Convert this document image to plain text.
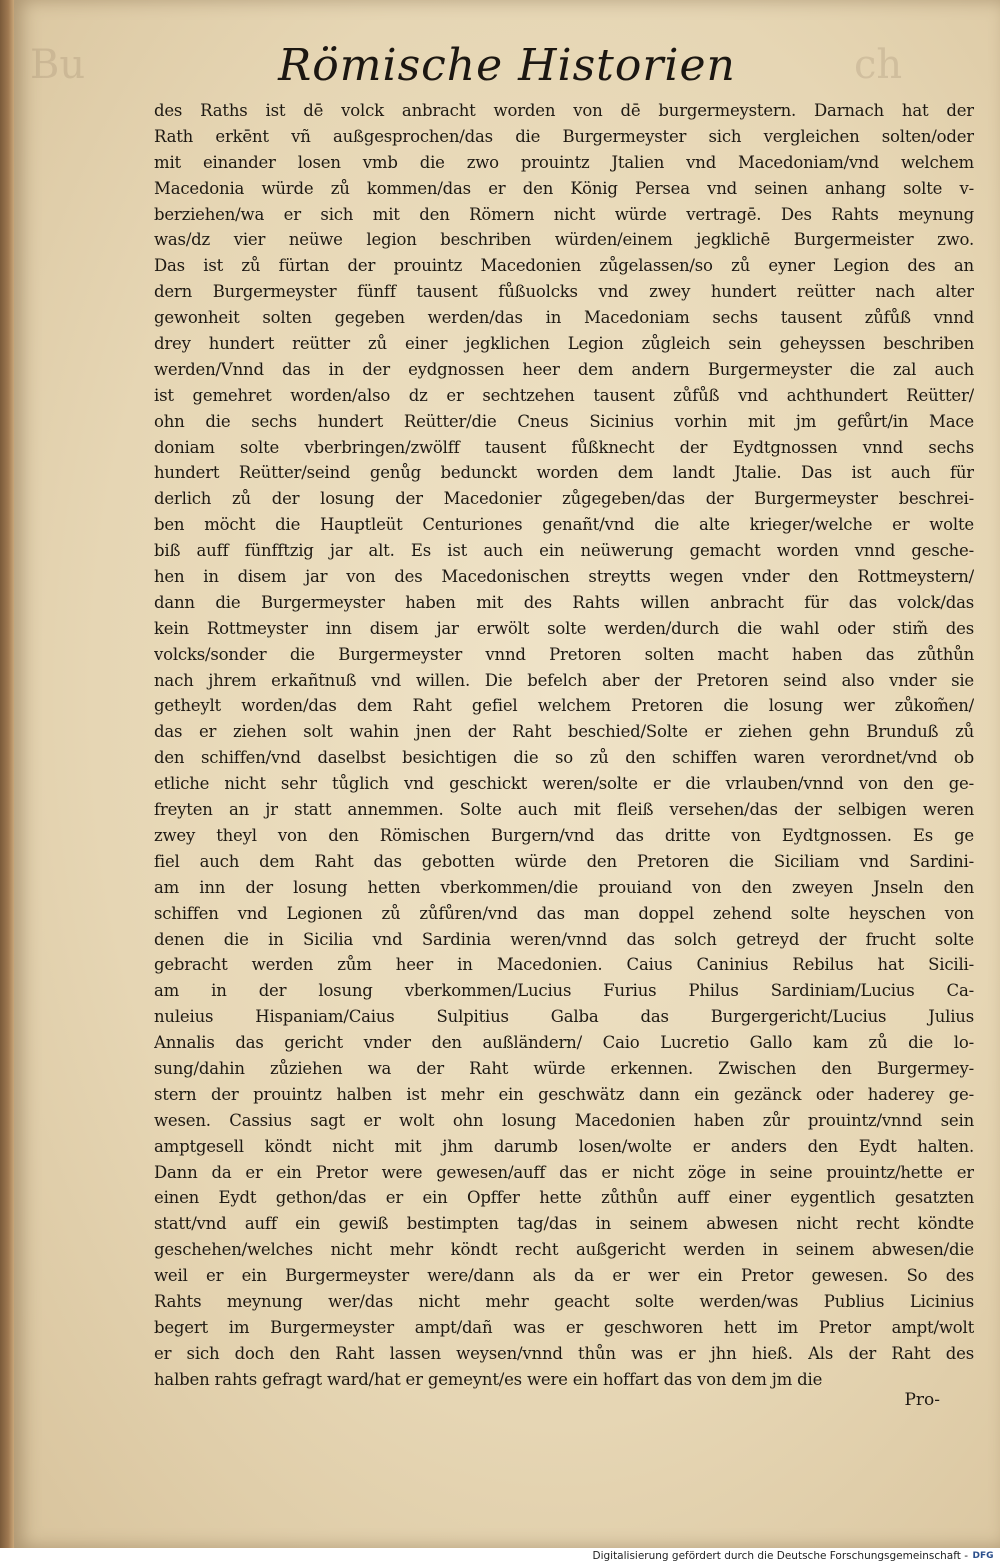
Bu	ch
Römische Historien
des Raths ist dē volck anbracht worden von dē burgermeystern. Darnach hat der
Rath erkēnt vñ außgesprochen/das die Burgermeyster sich vergleichen solten/oder
mit einander losen vmb die zwo prouintz Jtalien vnd Macedoniam/vnd welchem
Macedonia würde zů kommen/das er den König Persea vnd seinen anhang solte v-
berziehen/wa er sich mit den Römern nicht würde vertragē. Des Rahts meynung
was/dz vier neüwe legion beschriben würden/einem jegklichē Burgermeister zwo.
Das ist zů fürtan der prouintz Macedonien zůgelassen/so zů eyner Legion des an
dern Burgermeyster fünff tausent fůßuolcks vnd zwey hundert reütter nach alter
gewonheit solten gegeben werden/das in Macedoniam sechs tausent zůfůß vnnd
drey hundert reütter zů einer jegklichen Legion zůgleich sein geheyssen beschriben
werden/Vnnd das in der eydgnossen heer dem andern Burgermeyster die zal auch
ist gemehret worden/also dz er sechtzehen tausent zůfůß vnd achthundert Reütter/
ohn die sechs hundert Reütter/die Cneus Sicinius vorhin mit jm gefůrt/in Mace
doniam solte vberbringen/zwölff tausent fůßknecht der Eydtgnossen vnnd sechs
hundert Reütter/seind genůg bedunckt worden dem landt Jtalie. Das ist auch für
derlich zů der losung der Macedonier zůgegeben/das der Burgermeyster beschrei-
ben möcht die Hauptleüt Centuriones genañt/vnd die alte krieger/welche er wolte
biß auff fünfftzig jar alt. Es ist auch ein neüwerung gemacht worden vnnd gesche-
hen in disem jar von des Macedonischen streytts wegen vnder den Rottmeystern/
dann die Burgermeyster haben mit des Rahts willen anbracht für das volck/das
kein Rottmeyster inn disem jar erwölt solte werden/durch die wahl oder stim̃ des
volcks/sonder die Burgermeyster vnnd Pretoren solten macht haben das zůthůn
nach jhrem erkañtnuß vnd willen. Die befelch aber der Pretoren seind also vnder sie
getheylt worden/das dem Raht gefiel welchem Pretoren die losung wer zůkom̃en/
das er ziehen solt wahin jnen der Raht beschied/Solte er ziehen gehn Brunduß zů
den schiffen/vnd daselbst besichtigen die so zů den schiffen waren verordnet/vnd ob
etliche nicht sehr tůglich vnd geschickt weren/solte er die vrlauben/vnnd von den ge-
freyten an jr statt annemmen. Solte auch mit fleiß versehen/das der selbigen weren
zwey theyl von den Römischen Burgern/vnd das dritte von Eydtgnossen. Es ge
fiel auch dem Raht das gebotten würde den Pretoren die Siciliam vnd Sardini-
am inn der losung hetten vberkommen/die prouiand von den zweyen Jnseln den
schiffen vnd Legionen zů zůfůren/vnd das man doppel zehend solte heyschen von
denen die in Sicilia vnd Sardinia weren/vnnd das solch getreyd der frucht solte
gebracht werden zům heer in Macedonien. Caius Caninius Rebilus hat Sicili-
am in der losung vberkommen/Lucius Furius Philus Sardiniam/Lucius Ca-
nuleius Hispaniam/Caius Sulpitius Galba das Burgergericht/Lucius Julius
Annalis das gericht vnder den außländern/ Caio Lucretio Gallo kam zů die lo-
sung/dahin zůziehen wa der Raht würde erkennen. Zwischen den Burgermey-
stern der prouintz halben ist mehr ein geschwätz dann ein gezänck oder haderey ge-
wesen. Cassius sagt er wolt ohn losung Macedonien haben zůr prouintz/vnnd sein
amptgesell köndt nicht mit jhm darumb losen/wolte er anders den Eydt halten.
Dann da er ein Pretor were gewesen/auff das er nicht zöge in seine prouintz/hette er
einen Eydt gethon/das er ein Opffer hette zůthůn auff einer eygentlich gesatzten
statt/vnd auff ein gewiß bestimpten tag/das in seinem abwesen nicht recht köndte
geschehen/welches nicht mehr köndt recht außgericht werden in seinem abwesen/die
weil er ein Burgermeyster were/dann als da er wer ein Pretor gewesen. So des
Rahts meynung wer/das nicht mehr geacht solte werden/was Publius Licinius
begert im Burgermeyster ampt/dañ was er geschworen hett im Pretor ampt/wolt
er sich doch den Raht lassen weysen/vnnd thůn was er jhn hieß. Als der Raht des
halben rahts gefragt ward/hat er gemeynt/es were ein hoffart das von dem jm die
Pro-
Digitalisierung gefördert durch die Deutsche Forschungsgemeinschaft - DFG
